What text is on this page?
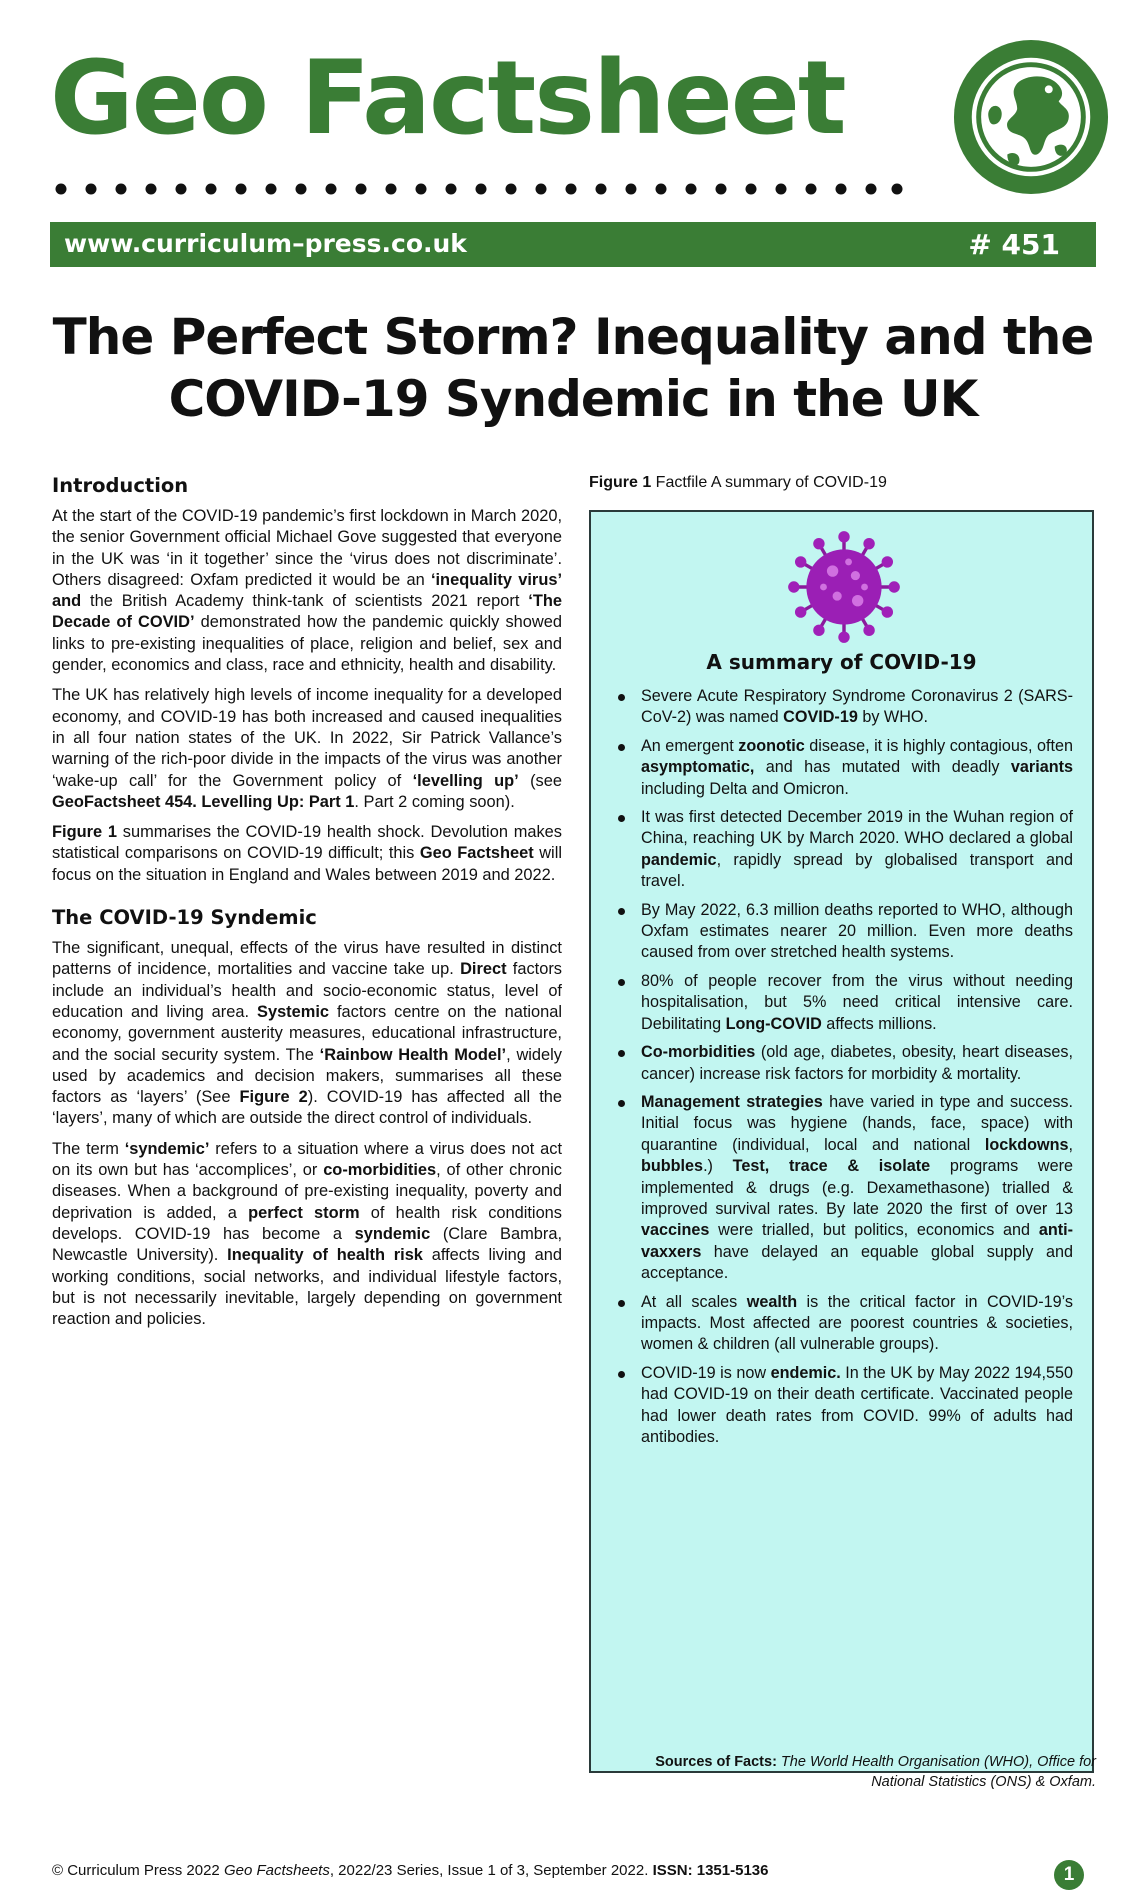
Geo Factsheet
www.curriculum–press.co.uk	# 451
The Perfect Storm? Inequality and the
COVID-19 Syndemic in the UK
Introduction

At the start of the COVID-19 pandemic’s first lockdown in March 2020, the senior Government official Michael Gove suggested that everyone in the UK was ‘in it together’ since the ‘virus does not discriminate’. Others disagreed: Oxfam predicted it would be an ‘inequality virus’ and the British Academy think-tank of scientists 2021 report ‘The Decade of COVID’ demonstrated how the pandemic quickly showed links to pre-existing inequalities of place, religion and belief, sex and gender, economics and class, race and ethnicity, health and disability.

The UK has relatively high levels of income inequality for a developed economy, and COVID-19 has both increased and caused inequalities in all four nation states of the UK. In 2022, Sir Patrick Vallance’s warning of the rich-poor divide in the impacts of the virus was another ‘wake-up call’ for the Government policy of ‘levelling up’ (see GeoFactsheet 454. Levelling Up: Part 1. Part 2 coming soon).

Figure 1 summarises the COVID-19 health shock. Devolution makes statistical comparisons on COVID-19 difficult; this Geo Factsheet will focus on the situation in England and Wales between 2019 and 2022.

The COVID-19 Syndemic

The significant, unequal, effects of the virus have resulted in distinct patterns of incidence, mortalities and vaccine take up. Direct factors include an individual’s health and socio-economic status, level of education and living area. Systemic factors centre on the national economy, government austerity measures, educational infrastructure, and the social security system. The ‘Rainbow Health Model’, widely used by academics and decision makers, summarises all these factors as ‘layers’ (See Figure 2). COVID-19 has affected all the ‘layers’, many of which are outside the direct control of individuals.

The term ‘syndemic’ refers to a situation where a virus does not act on its own but has ‘accomplices’, or co-morbidities, of other chronic diseases. When a background of pre-existing inequality, poverty and deprivation is added, a perfect storm of health risk conditions develops. COVID-19 has become a syndemic (Clare Bambra, Newcastle University). Inequality of health risk affects living and working conditions, social networks, and individual lifestyle factors, but is not necessarily inevitable, largely depending on government reaction and policies.

Figure 1 Factfile A summary of COVID-19
A summary of COVID-19
Severe Acute Respiratory Syndrome Coronavirus 2 (SARS-CoV-2) was named COVID-19 by WHO.
An emergent zoonotic disease, it is highly contagious, often asymptomatic, and has mutated with deadly variants including Delta and Omicron.
It was first detected December 2019 in the Wuhan region of China, reaching UK by March 2020. WHO declared a global pandemic, rapidly spread by globalised transport and travel.
By May 2022, 6.3 million deaths reported to WHO, although Oxfam estimates nearer 20 million. Even more deaths caused from over stretched health systems.
80% of people recover from the virus without needing hospitalisation, but 5% need critical intensive care. Debilitating Long-COVID affects millions.
Co-morbidities (old age, diabetes, obesity, heart diseases, cancer) increase risk factors for morbidity & mortality.
Management strategies have varied in type and success. Initial focus was hygiene (hands, face, space) with quarantine (individual, local and national lockdowns, bubbles.) Test, trace & isolate programs were implemented & drugs (e.g. Dexamethasone) trialled & improved survival rates. By late 2020 the first of over 13 vaccines were trialled, but politics, economics and anti-vaxxers have delayed an equable global supply and acceptance.
At all scales wealth is the critical factor in COVID-19’s impacts. Most affected are poorest countries & societies, women & children (all vulnerable groups).
COVID-19 is now endemic. In the UK by May 2022 194,550 had COVID-19 on their death certificate. Vaccinated people had lower death rates from COVID. 99% of adults had antibodies.
Sources of Facts: The World Health Organisation (WHO), Office for National Statistics (ONS) & Oxfam.
© Curriculum Press 2022 Geo Factsheets, 2022/23 Series, Issue 1 of 3, September 2022. ISSN: 1351-5136	1
